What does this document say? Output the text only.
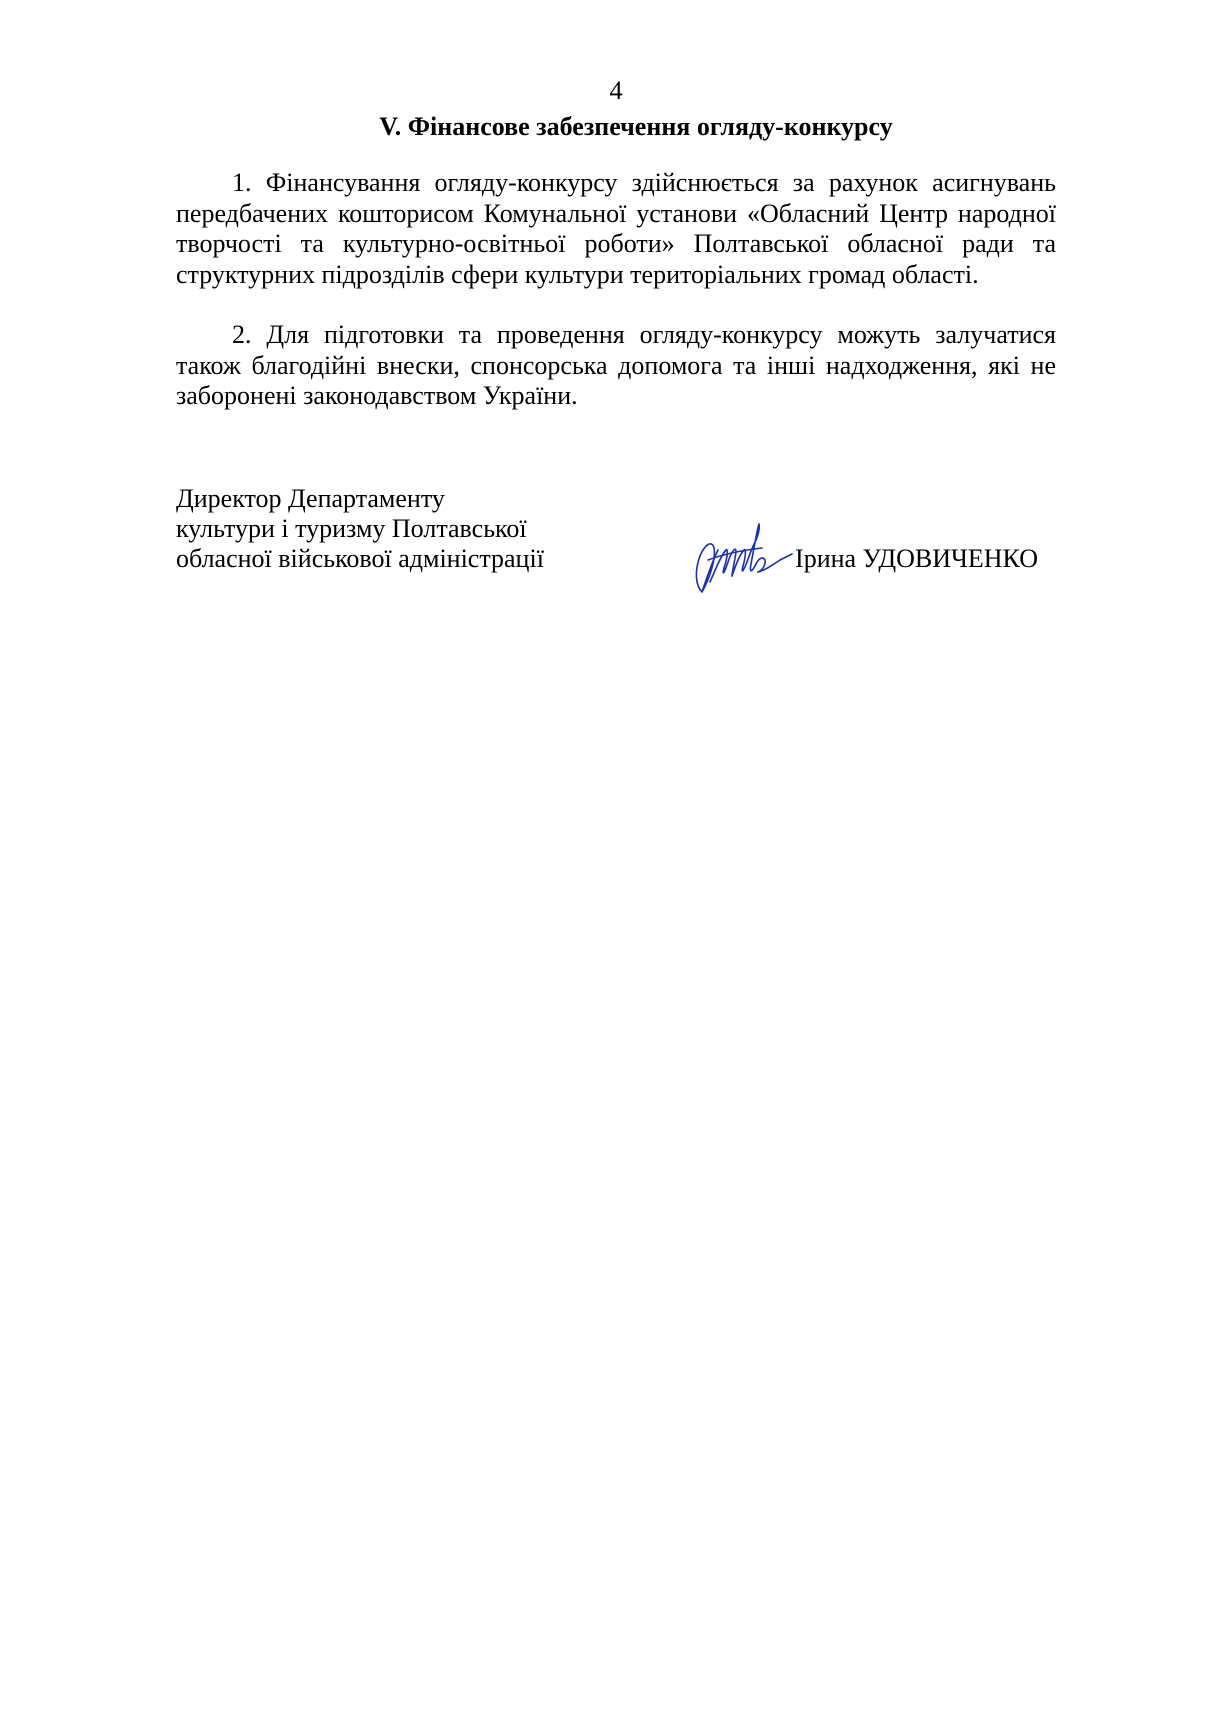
4
V. Фінансове забезпечення огляду-конкурсу

1. Фінансування огляду-конкурсу здійснюється за рахунок асигнувань передбачених кошторисом Комунальної установи «Обласний Центр народної творчості та культурно-освітньої роботи» Полтавської обласної ради та структурних підрозділів сфери культури територіальних громад області.

2. Для підготовки та проведення огляду-конкурсу можуть залучатися також благодійні внески, спонсорська допомога та інші надходження, які не заборонені законодавством України.

Директор Департаменту
культури і туризму Полтавської
обласної військової адміністрації	Ірина УДОВИЧЕНКО
